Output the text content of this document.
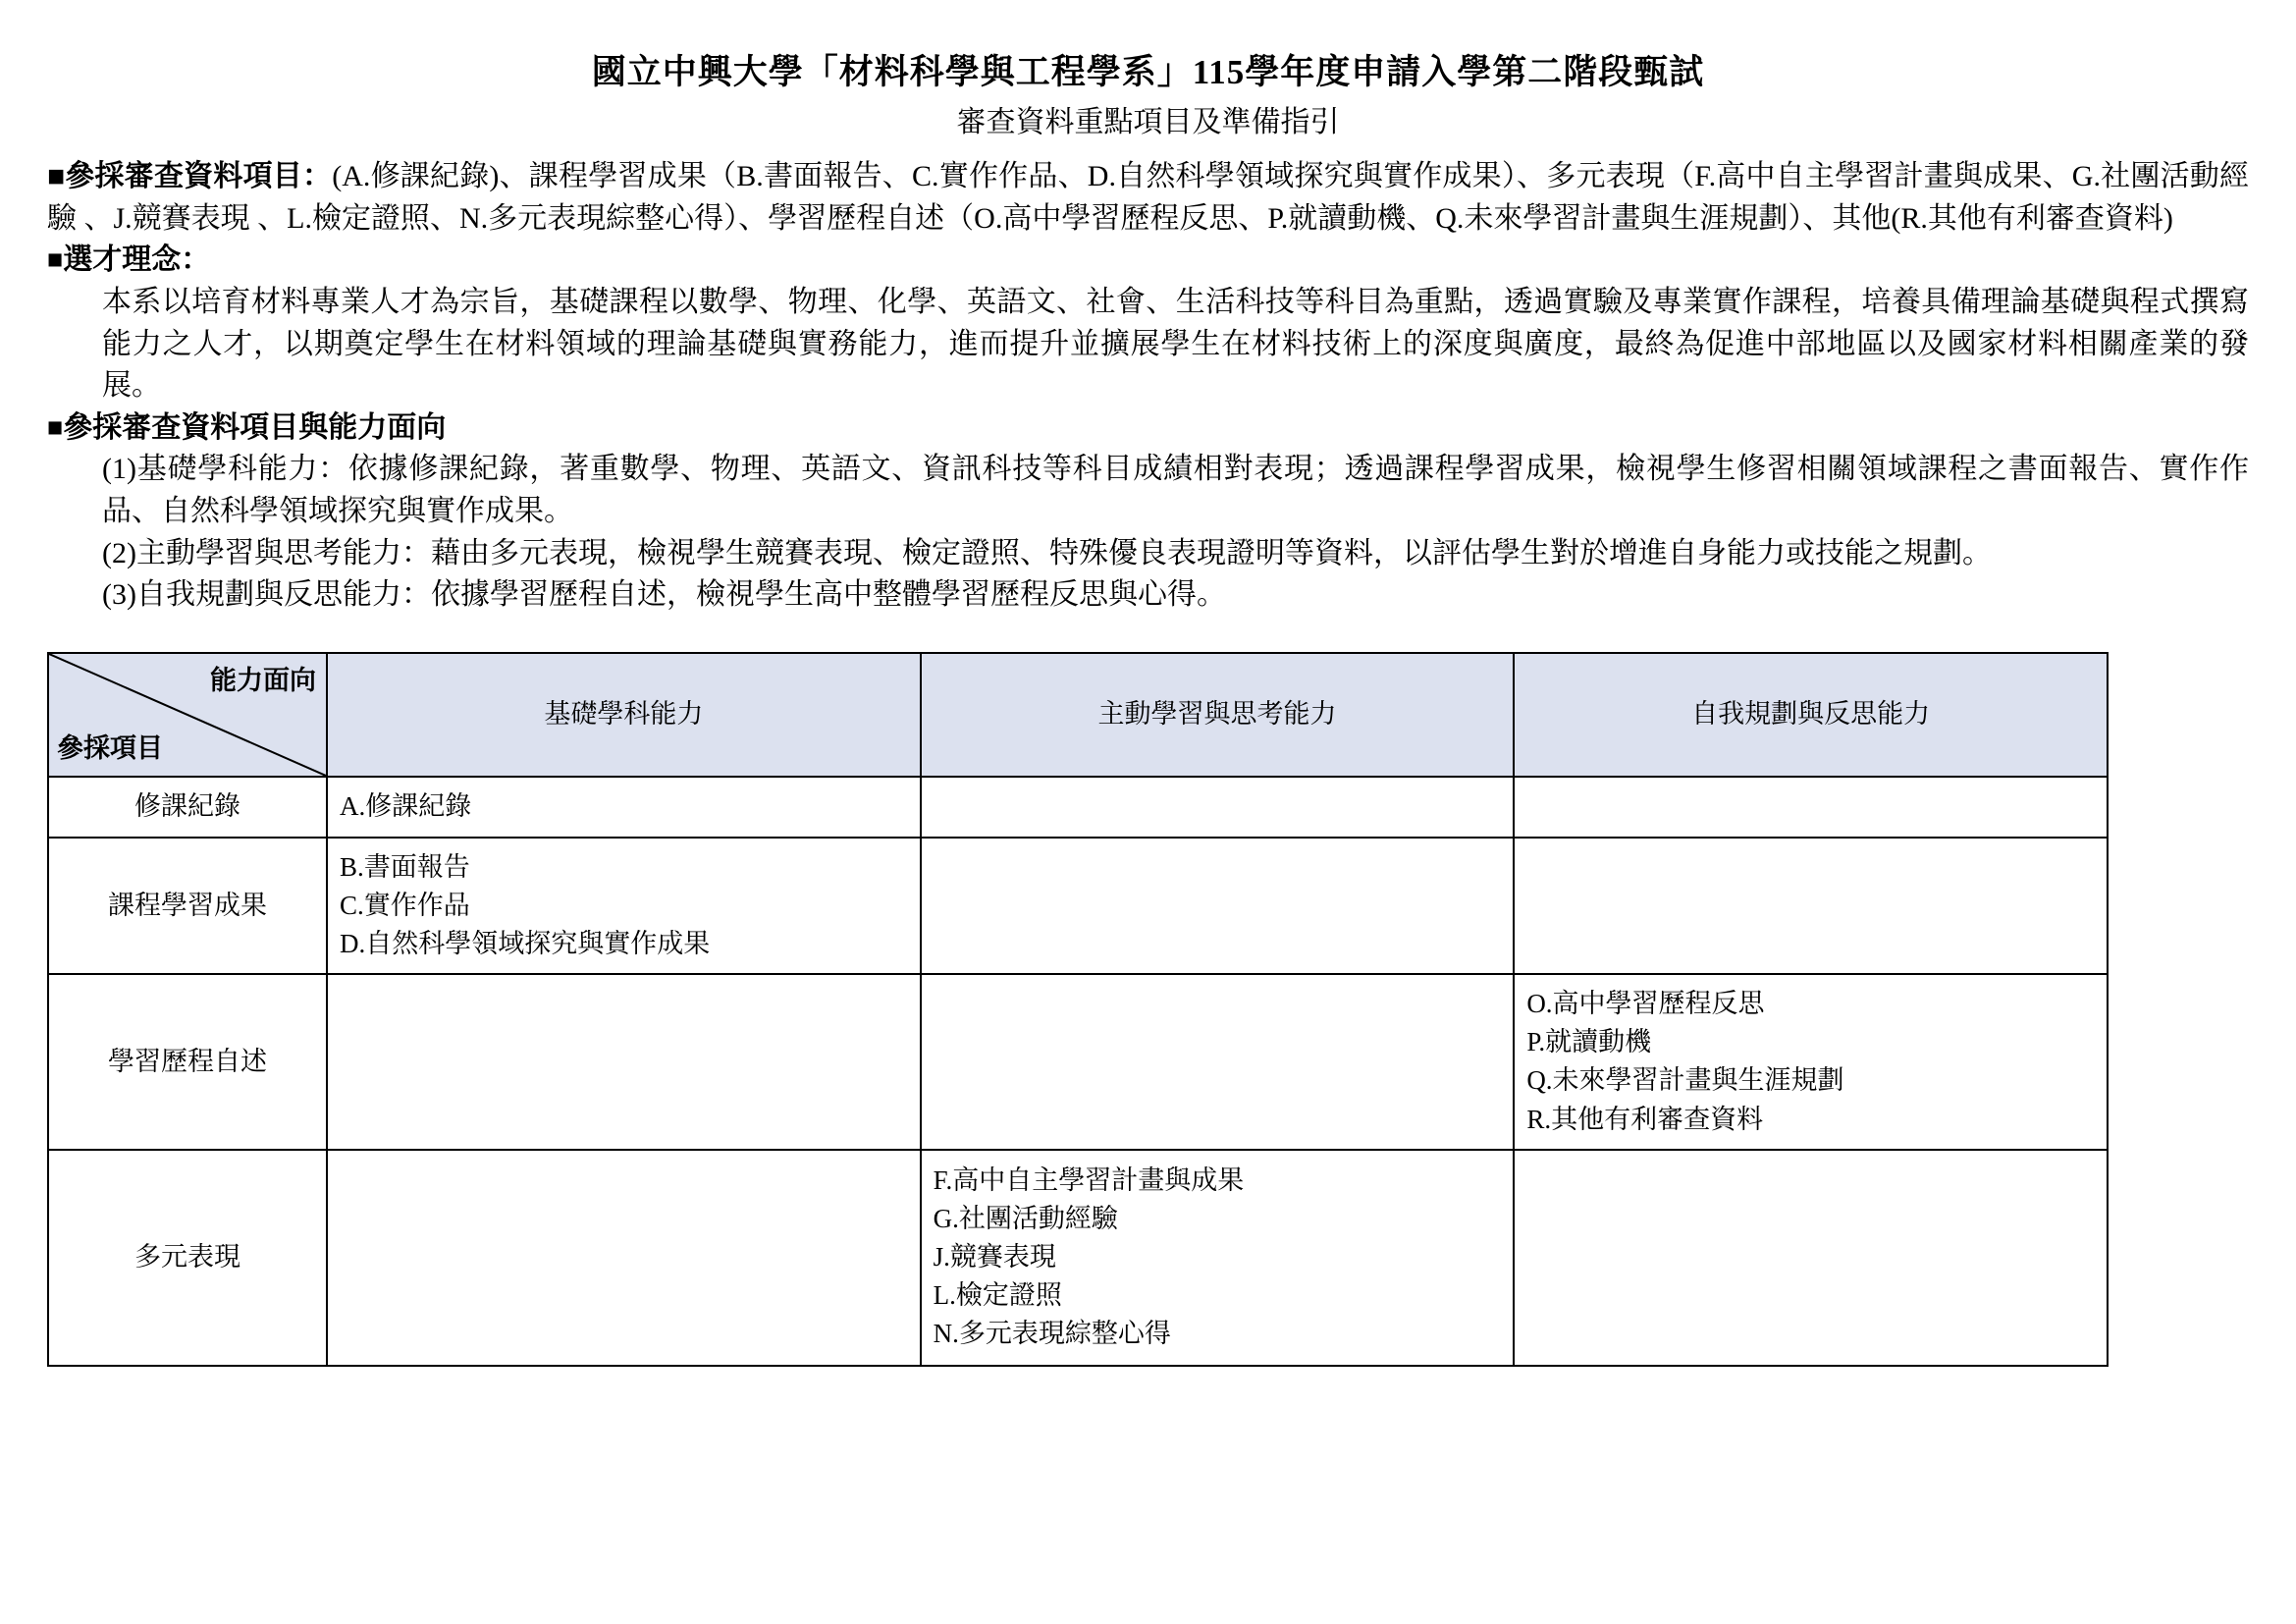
國立中興大學「材料科學與工程學系」115學年度申請入學第二階段甄試
審查資料重點項目及準備指引

■參採審查資料項目：(A.修課紀錄)、課程學習成果（B.書面報告、C.實作作品、D.自然科學領域探究與實作成果）、多元表現（F.高中自主學習計畫與成果、G.社團活動經驗 、J.競賽表現 、L.檢定證照、N.多元表現綜整心得）、學習歷程自述（O.高中學習歷程反思、P.就讀動機、Q.未來學習計畫與生涯規劃）、其他(R.其他有利審查資料)

■選才理念：

本系以培育材料專業人才為宗旨，基礎課程以數學、物理、化學、英語文、社會、生活科技等科目為重點，透過實驗及專業實作課程，培養具備理論基礎與程式撰寫能力之人才，以期奠定學生在材料領域的理論基礎與實務能力，進而提升並擴展學生在材料技術上的深度與廣度，最終為促進中部地區以及國家材料相關產業的發展。

■參採審查資料項目與能力面向

(1)基礎學科能力：依據修課紀錄，著重數學、物理、英語文、資訊科技等科目成績相對表現；透過課程學習成果，檢視學生修習相關領域課程之書面報告、實作作品、自然科學領域探究與實作成果。

(2)主動學習與思考能力：藉由多元表現，檢視學生競賽表現、檢定證照、特殊優良表現證明等資料，以評估學生對於增進自身能力或技能之規劃。

(3)自我規劃與反思能力：依據學習歷程自述，檢視學生高中整體學習歷程反思與心得。

能力面向
參採項目	基礎學科能力	主動學習與思考能力	自我規劃與反思能力
修課紀錄	A.修課紀錄		

課程學習成果	B.書面報告
C.實作作品
D.自然科學領域探究與實作成果		

學習歷程自述			O.高中學習歷程反思
P.就讀動機
Q.未來學習計畫與生涯規劃
R.其他有利審查資料

多元表現		F.高中自主學習計畫與成果
G.社團活動經驗
J.競賽表現
L.檢定證照
N.多元表現綜整心得	
